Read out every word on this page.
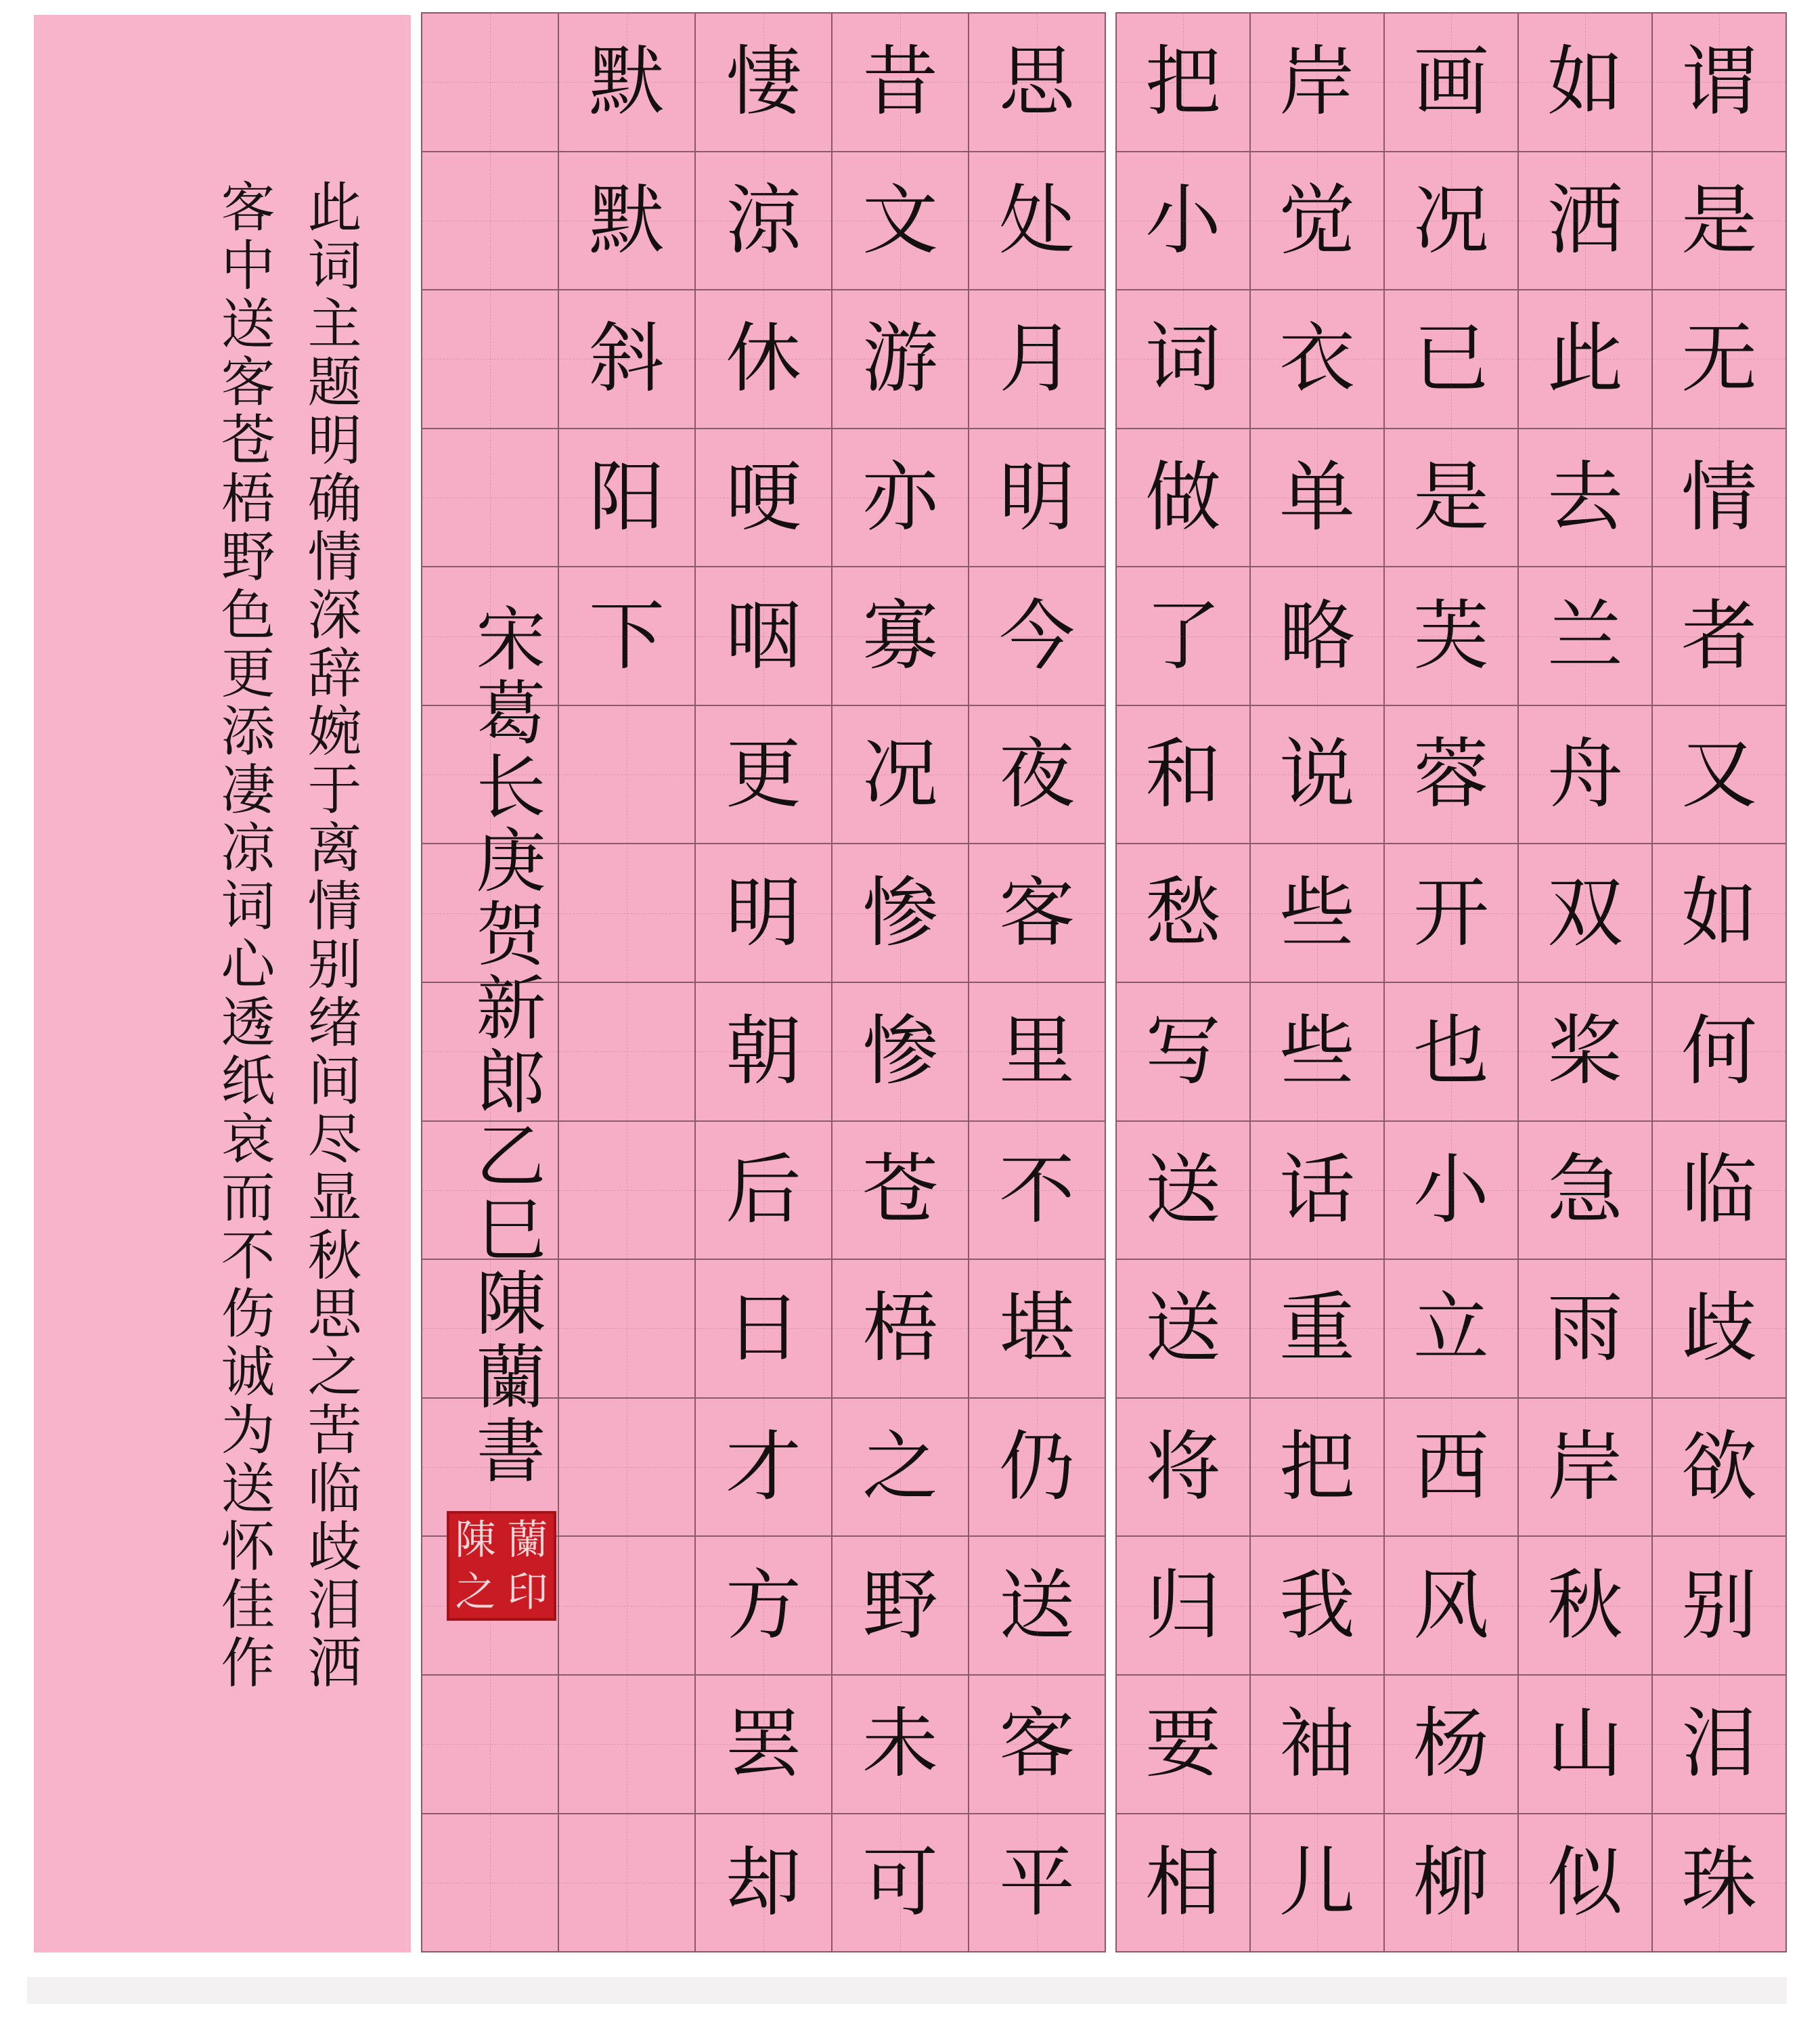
此词主题明确情深辞婉于离情别绪间尽显秋思之苦临歧泪洒
客中送客苍梧野色更添凄凉词心透纸哀而不伤诚为送怀佳作
思
处
月
明
今
夜
客
里
不
堪
仍
送
客
平
昔
文
游
亦
寡
况
惨
惨
苍
梧
之
野
未
可
悽
涼
休
哽
咽
更
明
朝
后
日
才
方
罢
却
默
默
斜
阳
下
宋葛长庚贺新郎乙巳陳蘭書
陳 蘭
之 印
谓
是
无
情
者
又
如
何
临
歧
欲
别
泪
珠
如
洒
此
去
兰
舟
双
桨
急
雨
岸
秋
山
似
画
况
已
是
芙
蓉
开
也
小
立
西
风
杨
柳
岸
觉
衣
单
略
说
些
些
话
重
把
我
袖
儿
把
小
词
做
了
和
愁
写
送
送
将
归
要
相
